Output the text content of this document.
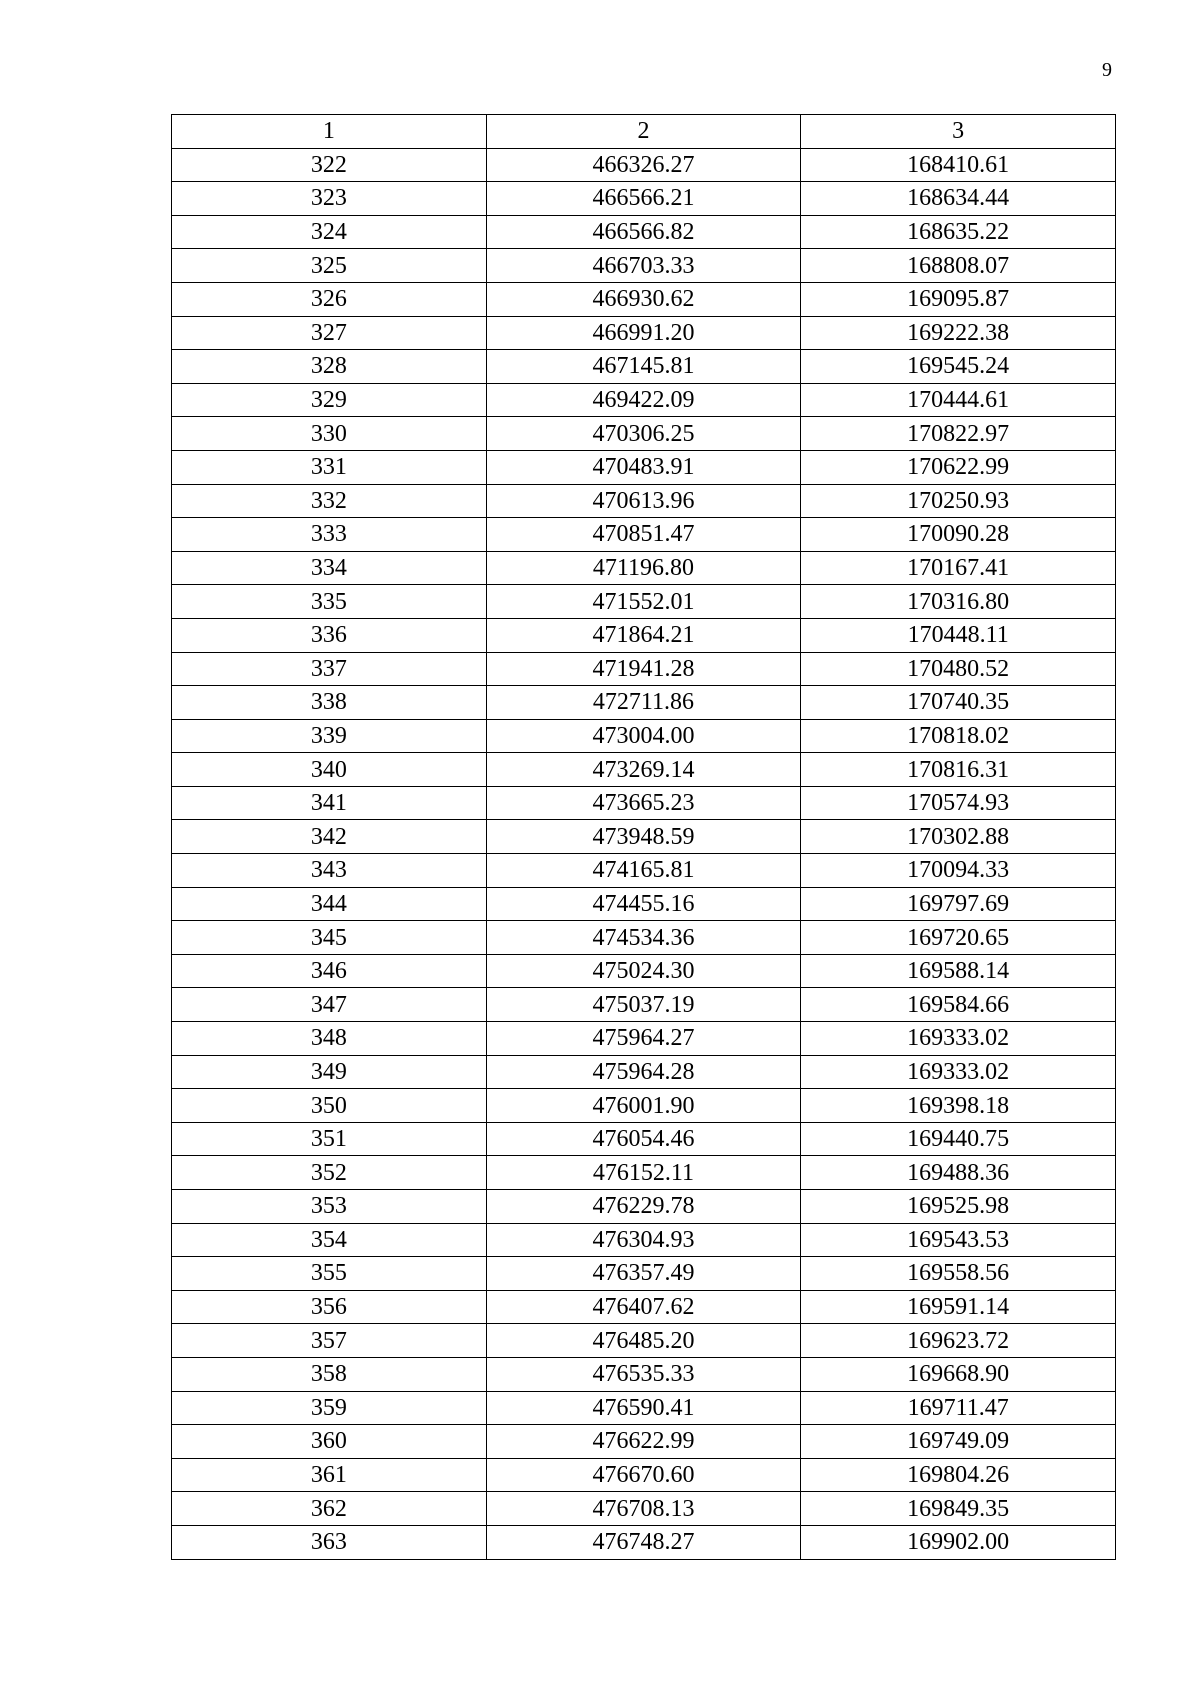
9
1	2	3
322	466326.27	168410.61
323	466566.21	168634.44
324	466566.82	168635.22
325	466703.33	168808.07
326	466930.62	169095.87
327	466991.20	169222.38
328	467145.81	169545.24
329	469422.09	170444.61
330	470306.25	170822.97
331	470483.91	170622.99
332	470613.96	170250.93
333	470851.47	170090.28
334	471196.80	170167.41
335	471552.01	170316.80
336	471864.21	170448.11
337	471941.28	170480.52
338	472711.86	170740.35
339	473004.00	170818.02
340	473269.14	170816.31
341	473665.23	170574.93
342	473948.59	170302.88
343	474165.81	170094.33
344	474455.16	169797.69
345	474534.36	169720.65
346	475024.30	169588.14
347	475037.19	169584.66
348	475964.27	169333.02
349	475964.28	169333.02
350	476001.90	169398.18
351	476054.46	169440.75
352	476152.11	169488.36
353	476229.78	169525.98
354	476304.93	169543.53
355	476357.49	169558.56
356	476407.62	169591.14
357	476485.20	169623.72
358	476535.33	169668.90
359	476590.41	169711.47
360	476622.99	169749.09
361	476670.60	169804.26
362	476708.13	169849.35
363	476748.27	169902.00
